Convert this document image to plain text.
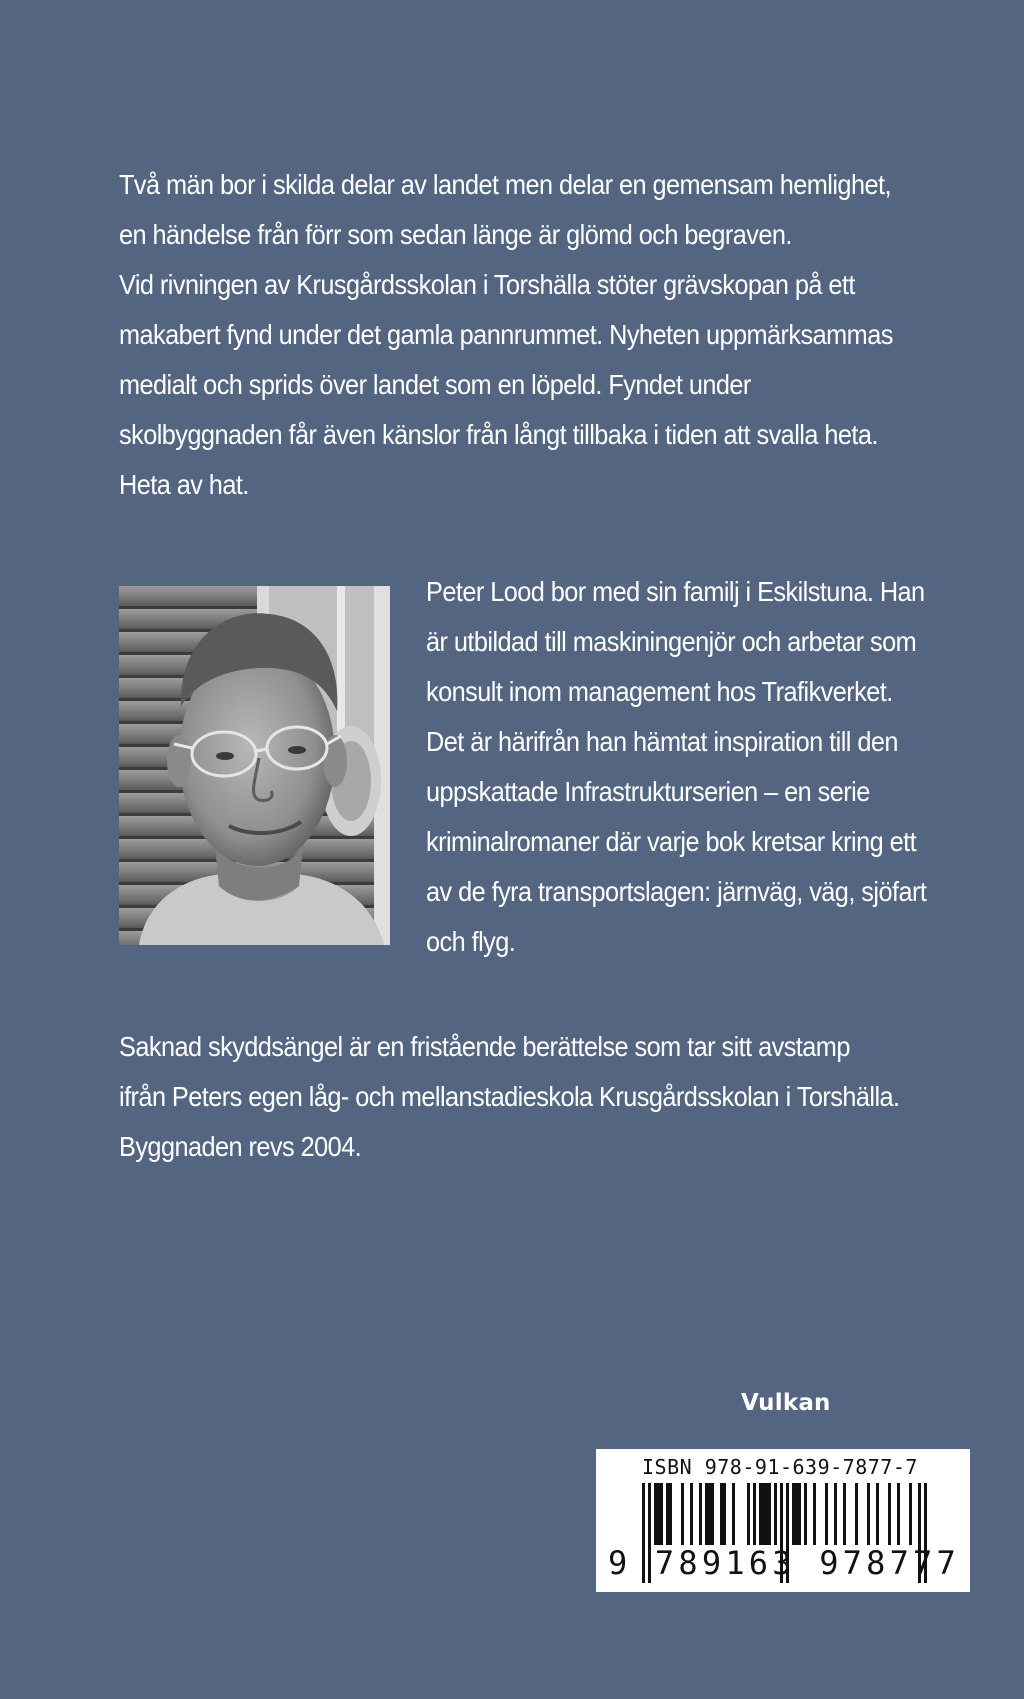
Två män bor i skilda delar av landet men delar en gemensam hemlighet,
en händelse från förr som sedan länge är glömd och begraven.
Vid rivningen av Krusgårdsskolan i Torshälla stöter grävskopan på ett
makabert fynd under det gamla pannrummet. Nyheten uppmärksammas
medialt och sprids över landet som en löpeld. Fyndet under
skolbyggnaden får även känslor från långt tillbaka i tiden att svalla heta.
Heta av hat.
Peter Lood bor med sin familj i Eskilstuna. Han
är utbildad till maskiningenjör och arbetar som
konsult inom management hos Trafikverket.
Det är härifrån han hämtat inspiration till den
uppskattade Infrastrukturserien – en serie
kriminalromaner där varje bok kretsar kring ett
av de fyra transportslagen: järnväg, väg, sjöfart
och flyg.
Saknad skyddsängel är en fristående berättelse som tar sitt avstamp
ifrån Peters egen låg- och mellanstadieskola Krusgårdsskolan i Torshälla.
Byggnaden revs 2004.
Vulkan
ISBN 978-91-639-7877-7
9 789163 978777
